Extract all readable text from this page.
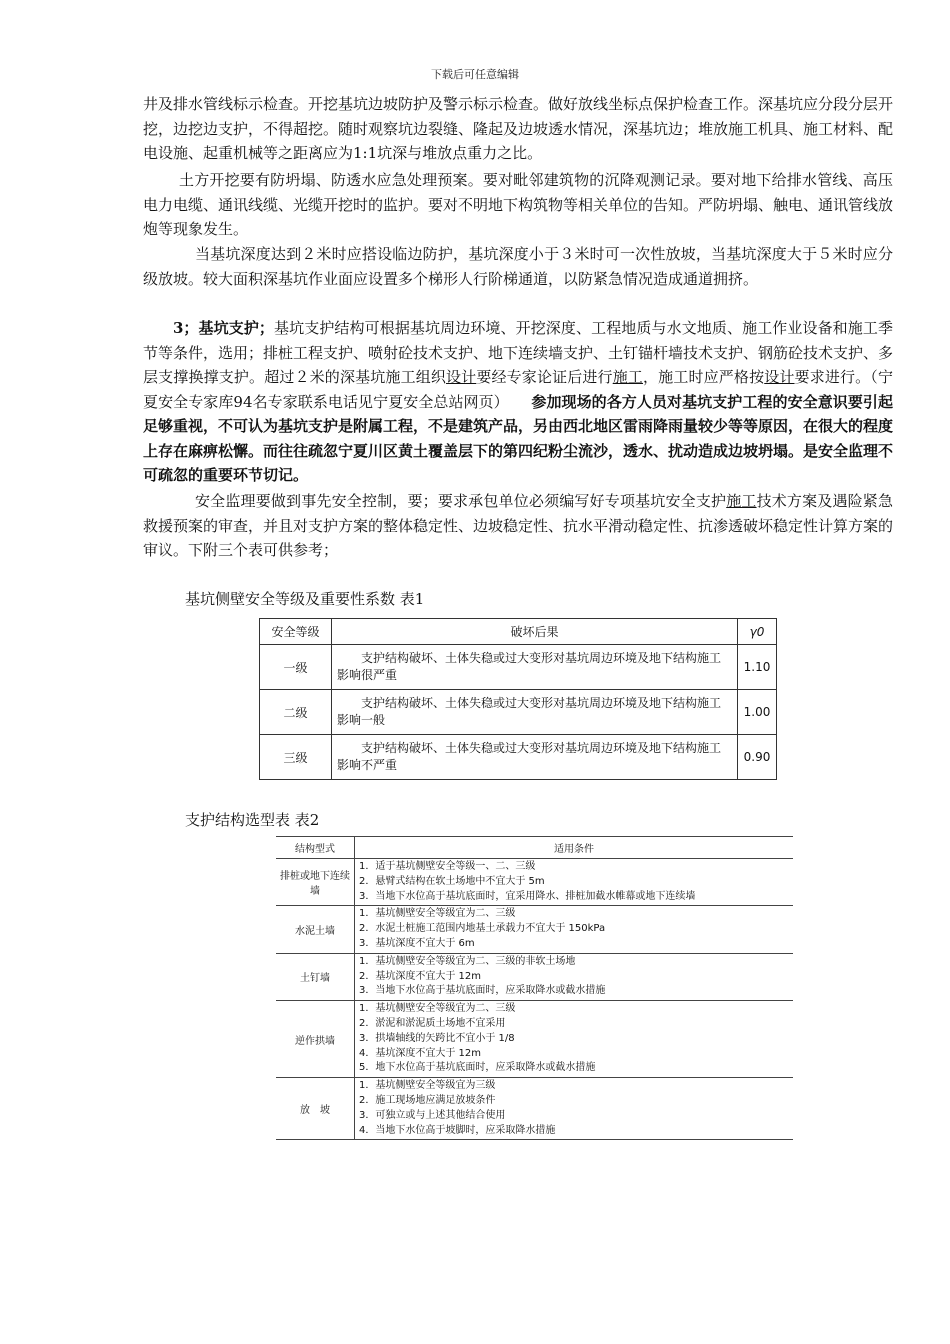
下载后可任意编辑

井及排水管线标示检查。开挖基坑边坡防护及警示标示检查。做好放线坐标点保护检查工作。深基坑应分段分层开挖，边挖边支护，不得超挖。随时观察坑边裂缝、隆起及边坡透水情况，深基坑边；堆放施工机具、施工材料、配电设施、起重机械等之距离应为1:1坑深与堆放点重力之比。

土方开挖要有防坍塌、防透水应急处理预案。要对毗邻建筑物的沉降观测记录。要对地下给排水管线、高压电力电缆、通讯线缆、光缆开挖时的监护。要对不明地下构筑物等相关单位的告知。严防坍塌、触电、通讯管线放炮等现象发生。

当基坑深度达到２米时应搭设临边防护，基坑深度小于３米时可一次性放坡，当基坑深度大于５米时应分级放坡。较大面积深基坑作业面应设置多个梯形人行阶梯通道，以防紧急情况造成通道拥挤。

3；基坑支护；基坑支护结构可根据基坑周边环境、开挖深度、工程地质与水文地质、施工作业设备和施工季节等条件，选用；排桩工程支护、喷射砼技术支护、地下连续墙支护、土钉锚杆墙技术支护、钢筋砼技术支护、多层支撑换撑支护。超过２米的深基坑施工组织设计要经专家论证后进行施工，施工时应严格按设计要求进行。（宁夏安全专家库94名专家联系电话见宁夏安全总站网页）　　参加现场的各方人员对基坑支护工程的安全意识要引起足够重视，不可认为基坑支护是附属工程，不是建筑产品，另由西北地区雷雨降雨量较少等等原因，在很大的程度上存在麻痹松懈。而往往疏忽宁夏川区黄土覆盖层下的第四纪粉尘流沙，透水、扰动造成边坡坍塌。是安全监理不可疏忽的重要环节切记。

安全监理要做到事先安全控制，要；要求承包单位必须编写好专项基坑安全支护施工技术方案及遇险紧急救援预案的审查，并且对支护方案的整体稳定性、边坡稳定性、抗水平滑动稳定性、抗渗透破坏稳定性计算方案的审议。下附三个表可供参考；

基坑侧壁安全等级及重要性系数 表1
安全等级	破坏后果	γ0
一级	支护结构破坏、土体失稳或过大变形对基坑周边环境及地下结构施工影响很严重	1.10
二级	支护结构破坏、土体失稳或过大变形对基坑周边环境及地下结构施工影响一般	1.00
三级	支护结构破坏、土体失稳或过大变形对基坑周边环境及地下结构施工影响不严重	0.90
支护结构选型表 表2
结构型式	适用条件
排桩或地下连续墙	1．适于基坑侧壁安全等级一、二、三级
2．悬臂式结构在软土场地中不宜大于 5m
3．当地下水位高于基坑底面时，宜采用降水、排桩加截水帷幕或地下连续墙

水泥土墙	1．基坑侧壁安全等级宜为二、三级
2．水泥土桩施工范围内地基土承载力不宜大于 150kPa
3．基坑深度不宜大于 6m

土钉墙	1．基坑侧壁安全等级宜为二、三级的非软土场地
2．基坑深度不宜大于 12m
3．当地下水位高于基坑底面时，应采取降水或截水措施

逆作拱墙	1．基坑侧壁安全等级宜为二、三级
2．淤泥和淤泥质土场地不宜采用
3．拱墙轴线的矢跨比不宜小于 1/8
4．基坑深度不宜大于 12m
5．地下水位高于基坑底面时，应采取降水或截水措施

放　坡	1．基坑侧壁安全等级宜为三级
2．施工现场地应满足放坡条件
3．可独立或与上述其他结合使用
4．当地下水位高于坡脚时，应采取降水措施
